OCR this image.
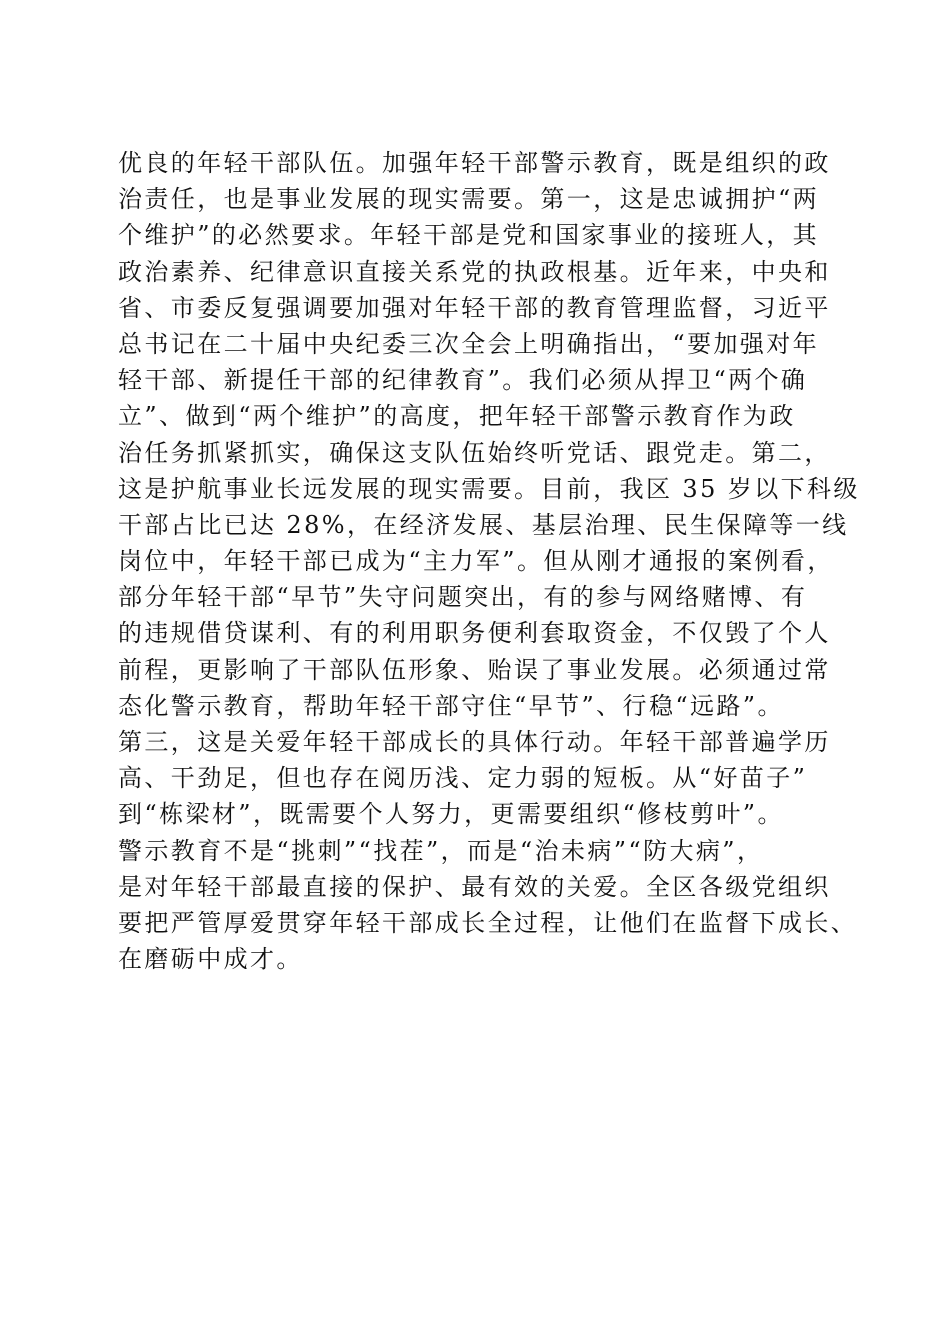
优良的年轻干部队伍。加强年轻干部警示教育，既是组织的政
治责任，也是事业发展的现实需要。第一，这是忠诚拥护“两
个维护”的必然要求。年轻干部是党和国家事业的接班人，其
政治素养、纪律意识直接关系党的执政根基。近年来，中央和
省、市委反复强调要加强对年轻干部的教育管理监督，习近平
总书记在二十届中央纪委三次全会上明确指出，“要加强对年
轻干部、新提任干部的纪律教育”。我们必须从捍卫“两个确
立”、做到“两个维护”的高度，把年轻干部警示教育作为政
治任务抓紧抓实，确保这支队伍始终听党话、跟党走。第二，
这是护航事业长远发展的现实需要。目前，我区 35 岁以下科级
干部占比已达 28%，在经济发展、基层治理、民生保障等一线
岗位中，年轻干部已成为“主力军”。但从刚才通报的案例看，
部分年轻干部“早节”失守问题突出，有的参与网络赌博、有
的违规借贷谋利、有的利用职务便利套取资金，不仅毁了个人
前程，更影响了干部队伍形象、贻误了事业发展。必须通过常
态化警示教育，帮助年轻干部守住“早节”、行稳“远路”。
第三，这是关爱年轻干部成长的具体行动。年轻干部普遍学历
高、干劲足，但也存在阅历浅、定力弱的短板。从“好苗子”
到“栋梁材”，既需要个人努力，更需要组织“修枝剪叶”。
警示教育不是“挑刺”“找茬”，而是“治未病”“防大病”，
是对年轻干部最直接的保护、最有效的关爱。全区各级党组织
要把严管厚爱贯穿年轻干部成长全过程，让他们在监督下成长、
在磨砺中成才。
